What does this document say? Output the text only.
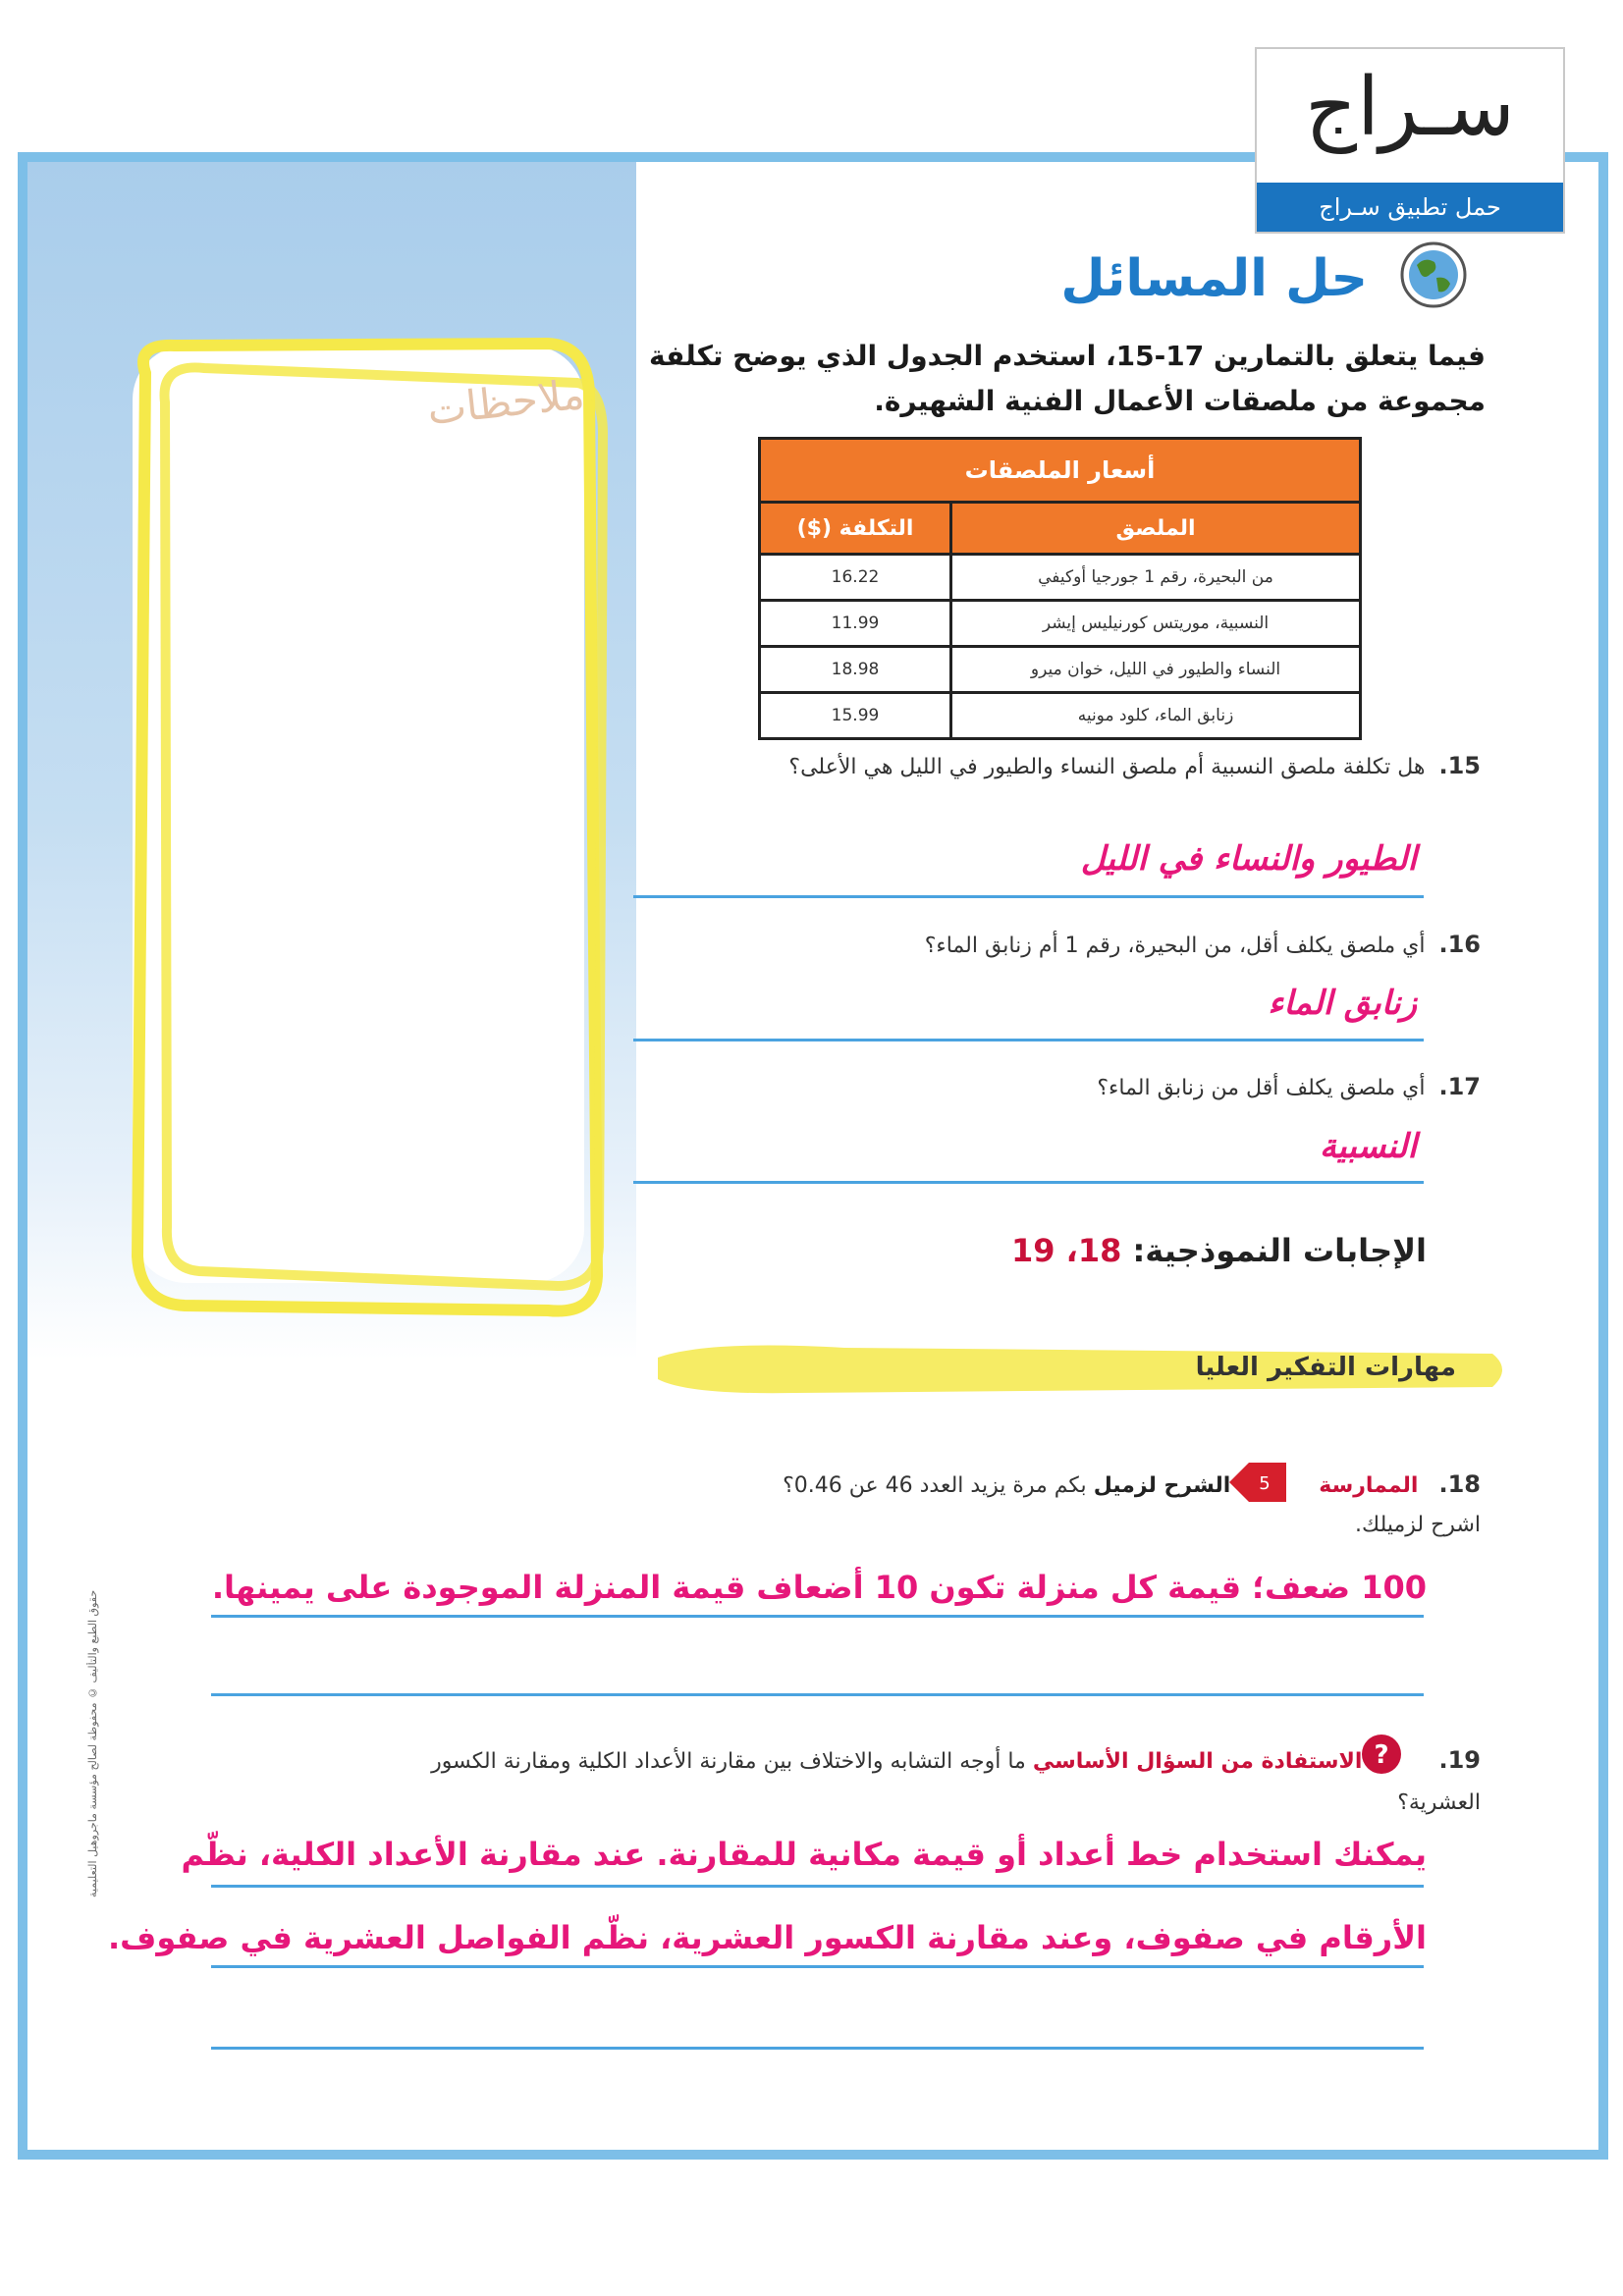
ملاحظات
سـراج
حمل تطبيق سـراج
حل المسائل
فيما يتعلق بالتمارين 17-15، استخدم الجدول الذي يوضح تكلفة مجموعة من ملصقات الأعمال الفنية الشهيرة.
أسعار الملصقات	
الملصق	التكلفة ($)
من البحيرة، رقم 1 جورجيا أوكيفي	16.22
النسبية، موريتس كورنيليس إيشر	11.99
النساء والطيور في الليل، خوان ميرو	18.98
زنابق الماء، كلود مونيه	15.99
15.هل تكلفة ملصق النسبية أم ملصق النساء والطيور في الليل هي الأعلى؟
الطيور والنساء في الليل
16.أي ملصق يكلف أقل، من البحيرة، رقم 1 أم زنابق الماء؟
زنابق الماء
17.أي ملصق يكلف أقل من زنابق الماء؟
النسبية
الإجابات النموذجية: 18، 19
مهارات التفكير العليا
18. الممارسة  الشرح لزميل بكم مرة يزيد العدد 46 عن 0.46؟
اشرح لزميلك.
5
100 ضعف؛ قيمة كل منزلة تكون 10 أضعاف قيمة المنزلة الموجودة على يمينها.
?	19.  الاستفادة من السؤال الأساسي ما أوجه التشابه والاختلاف بين مقارنة الأعداد الكلية ومقارنة الكسور العشرية؟
يمكنك استخدام خط أعداد أو قيمة مكانية للمقارنة. عند مقارنة الأعداد الكلية، نظّم
الأرقام في صفوف، وعند مقارنة الكسور العشرية، نظّم الفواصل العشرية في صفوف.
حقوق الطبع والتأليف © محفوظة لصالح مؤسسة ماجروهيل التعليمية
